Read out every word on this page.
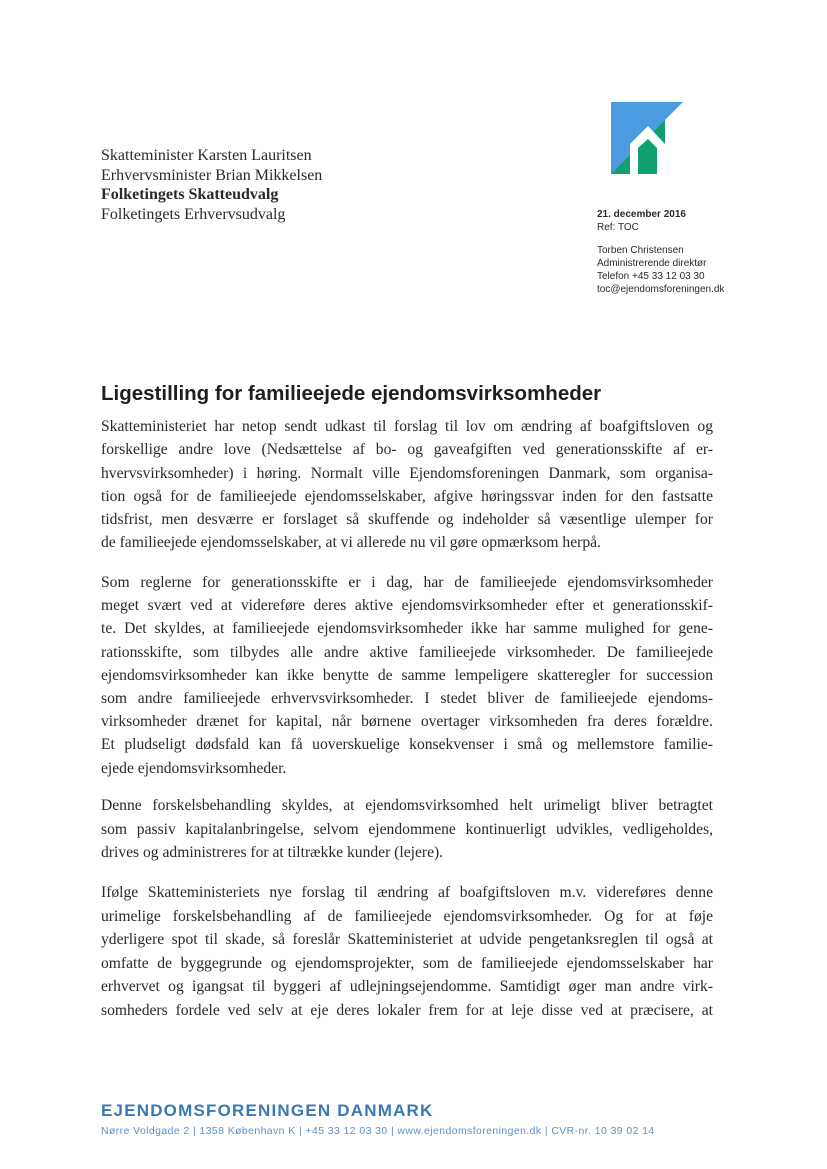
Skatteminister Karsten Lauritsen
Erhvervsminister Brian Mikkelsen
Folketingets Skatteudvalg
Folketingets Erhvervsudvalg	21. december 2016
Ref: TOC
Torben Christensen
Administrerende direktør
Telefon +45 33 12 03 30
toc@ejendomsforeningen.dk
Ligestilling for familieejede ejendomsvirksomheder
Skatteministeriet har netop sendt udkast til forslag til lov om ændring af boafgiftsloven og
forskellige andre love (Nedsættelse af bo- og gaveafgiften ved generationsskifte af er-
hvervsvirksomheder) i høring. Normalt ville Ejendomsforeningen Danmark, som organisa-
tion også for de familieejede ejendomsselskaber, afgive høringssvar inden for den fastsatte
tidsfrist, men desværre er forslaget så skuffende og indeholder så væsentlige ulemper for
de familieejede ejendomsselskaber, at vi allerede nu vil gøre opmærksom herpå.
Som reglerne for generationsskifte er i dag, har de familieejede ejendomsvirksomheder
meget svært ved at videreføre deres aktive ejendomsvirksomheder efter et generationsskif-
te. Det skyldes, at familieejede ejendomsvirksomheder ikke har samme mulighed for gene-
rationsskifte, som tilbydes alle andre aktive familieejede virksomheder. De familieejede
ejendomsvirksomheder kan ikke benytte de samme lempeligere skatteregler for succession
som andre familieejede erhvervsvirksomheder. I stedet bliver de familieejede ejendoms-
virksomheder drænet for kapital, når børnene overtager virksomheden fra deres forældre.
Et pludseligt dødsfald kan få uoverskuelige konsekvenser i små og mellemstore familie-
ejede ejendomsvirksomheder.
Denne forskelsbehandling skyldes, at ejendomsvirksomhed helt urimeligt bliver betragtet
som passiv kapitalanbringelse, selvom ejendommene kontinuerligt udvikles, vedligeholdes,
drives og administreres for at tiltrække kunder (lejere).
Ifølge Skatteministeriets nye forslag til ændring af boafgiftsloven m.v. videreføres denne
urimelige forskelsbehandling af de familieejede ejendomsvirksomheder. Og for at føje
yderligere spot til skade, så foreslår Skatteministeriet at udvide pengetanksreglen til også at
omfatte de byggegrunde og ejendomsprojekter, som de familieejede ejendomsselskaber har
erhvervet og igangsat til byggeri af udlejningsejendomme. Samtidigt øger man andre virk-
somheders fordele ved selv at eje deres lokaler frem for at leje disse ved at præcisere, at
EJENDOMSFORENINGEN DANMARK
Nørre Voldgade 2 | 1358 København K | +45 33 12 03 30 | www.ejendomsforeningen.dk | CVR-nr. 10 39 02 14
